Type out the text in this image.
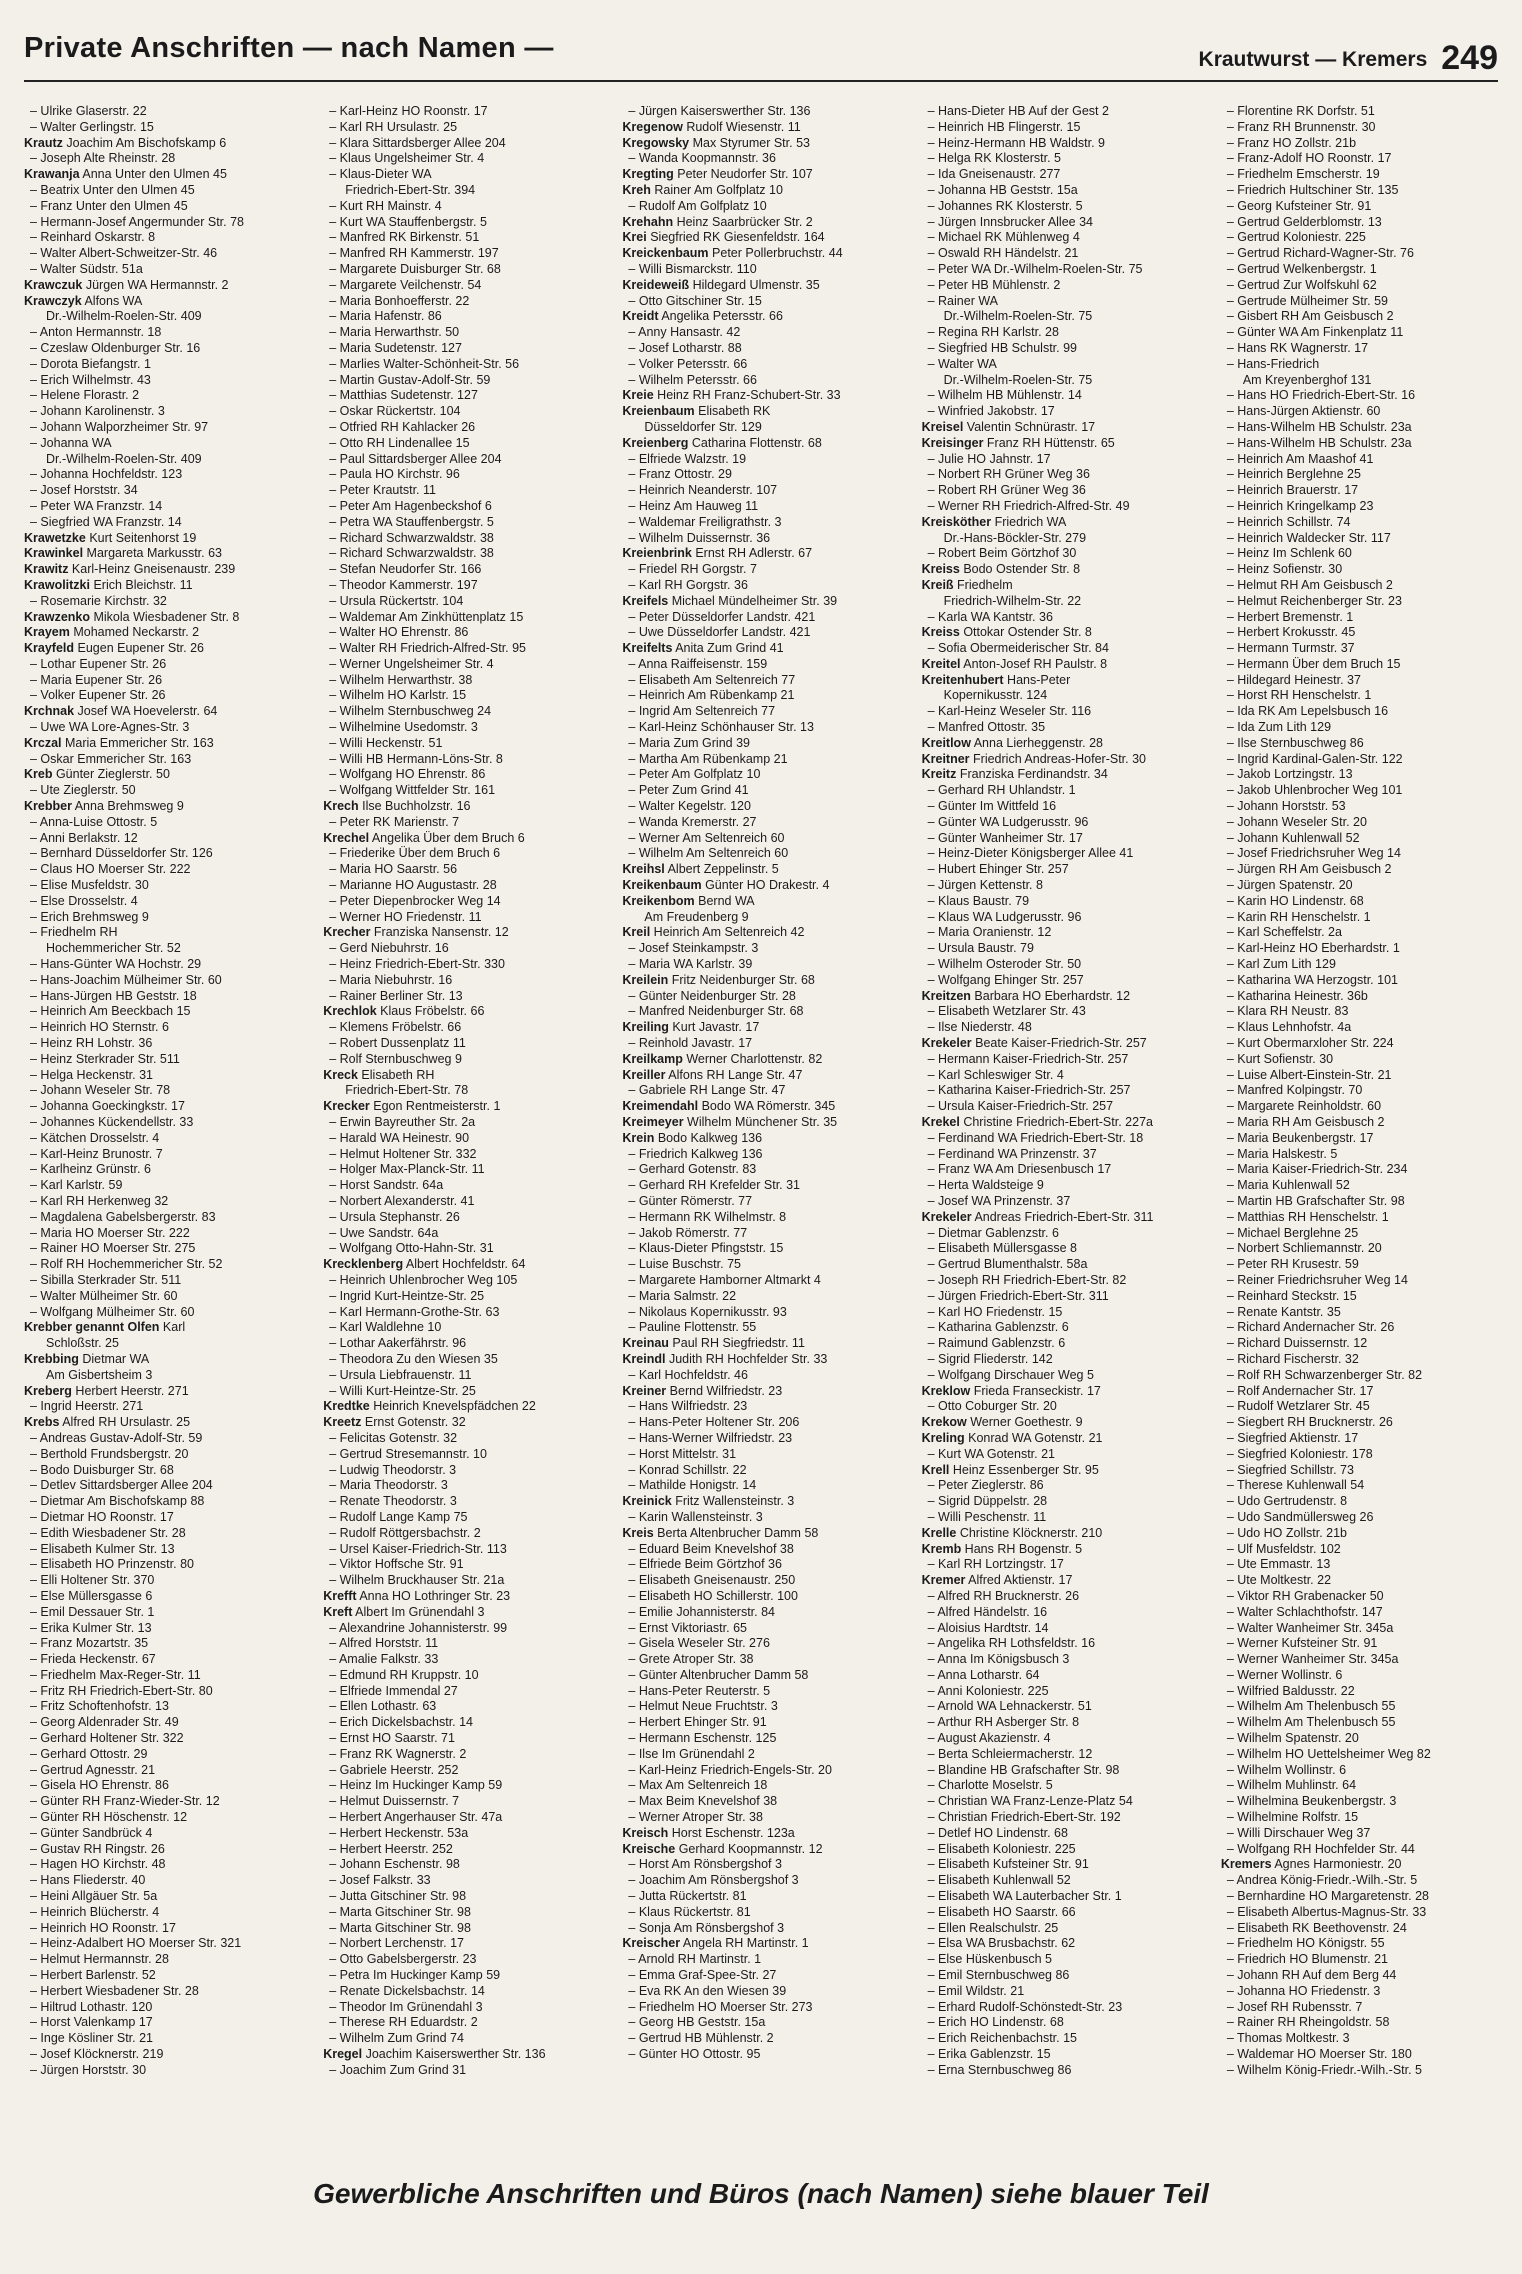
Private Anschriften — nach Namen —	Krautwurst — Kremers 249
– Ulrike Glaserstr. 22
– Walter Gerlingstr. 15
Krautz Joachim Am Bischofskamp 6
– Joseph Alte Rheinstr. 28
Krawanja Anna Unter den Ulmen 45
– Beatrix Unter den Ulmen 45
– Franz Unter den Ulmen 45
– Hermann-Josef Angermunder Str. 78
– Reinhard Oskarstr. 8
– Walter Albert-Schweitzer-Str. 46
– Walter Südstr. 51a
Krawczuk Jürgen WA Hermannstr. 2
Krawczyk Alfons WA
Dr.-Wilhelm-Roelen-Str. 409
– Anton Hermannstr. 18
– Czeslaw Oldenburger Str. 16
– Dorota Biefangstr. 1
– Erich Wilhelmstr. 43
– Helene Florastr. 2
– Johann Karolinenstr. 3
– Johann Walporzheimer Str. 97
– Johanna WA
Dr.-Wilhelm-Roelen-Str. 409
– Johanna Hochfeldstr. 123
– Josef Horststr. 34
– Peter WA Franzstr. 14
– Siegfried WA Franzstr. 14
Krawetzke Kurt Seitenhorst 19
Krawinkel Margareta Markusstr. 63
Krawitz Karl-Heinz Gneisenaustr. 239
Krawolitzki Erich Bleichstr. 11
– Rosemarie Kirchstr. 32
Krawzenko Mikola Wiesbadener Str. 8
Krayem Mohamed Neckarstr. 2
Krayfeld Eugen Eupener Str. 26
– Lothar Eupener Str. 26
– Maria Eupener Str. 26
– Volker Eupener Str. 26
Krchnak Josef WA Hoevelerstr. 64
– Uwe WA Lore-Agnes-Str. 3
Krczal Maria Emmericher Str. 163
– Oskar Emmericher Str. 163
Kreb Günter Zieglerstr. 50
– Ute Zieglerstr. 50
Krebber Anna Brehmsweg 9
– Anna-Luise Ottostr. 5
– Anni Berlakstr. 12
– Bernhard Düsseldorfer Str. 126
– Claus HO Moerser Str. 222
– Elise Musfeldstr. 30
– Else Drosselstr. 4
– Erich Brehmsweg 9
– Friedhelm RH
Hochemmericher Str. 52
– Hans-Günter WA Hochstr. 29
– Hans-Joachim Mülheimer Str. 60
– Hans-Jürgen HB Geststr. 18
– Heinrich Am Beeckbach 15
– Heinrich HO Sternstr. 6
– Heinz RH Lohstr. 36
– Heinz Sterkrader Str. 511
– Helga Heckenstr. 31
– Johann Weseler Str. 78
– Johanna Goeckingkstr. 17
– Johannes Kückendellstr. 33
– Kätchen Drosselstr. 4
– Karl-Heinz Brunostr. 7
– Karlheinz Grünstr. 6
– Karl Karlstr. 59
– Karl RH Herkenweg 32
– Magdalena Gabelsbergerstr. 83
– Maria HO Moerser Str. 222
– Rainer HO Moerser Str. 275
– Rolf RH Hochemmericher Str. 52
– Sibilla Sterkrader Str. 511
– Walter Mülheimer Str. 60
– Wolfgang Mülheimer Str. 60
Krebber genannt Olfen Karl
Schloßstr. 25
Krebbing Dietmar WA
Am Gisbertsheim 3
Kreberg Herbert Heerstr. 271
– Ingrid Heerstr. 271
Krebs Alfred RH Ursulastr. 25
– Andreas Gustav-Adolf-Str. 59
– Berthold Frundsbergstr. 20
– Bodo Duisburger Str. 68
– Detlev Sittardsberger Allee 204
– Dietmar Am Bischofskamp 88
– Dietmar HO Roonstr. 17
– Edith Wiesbadener Str. 28
– Elisabeth Kulmer Str. 13
– Elisabeth HO Prinzenstr. 80
– Elli Holtener Str. 370
– Else Müllersgasse 6
– Emil Dessauer Str. 1
– Erika Kulmer Str. 13
– Franz Mozartstr. 35
– Frieda Heckenstr. 67
– Friedhelm Max-Reger-Str. 11
– Fritz RH Friedrich-Ebert-Str. 80
– Fritz Schoftenhofstr. 13
– Georg Aldenrader Str. 49
– Gerhard Holtener Str. 322
– Gerhard Ottostr. 29
– Gertrud Agnesstr. 21
– Gisela HO Ehrenstr. 86
– Günter RH Franz-Wieder-Str. 12
– Günter RH Höschenstr. 12
– Günter Sandbrück 4
– Gustav RH Ringstr. 26
– Hagen HO Kirchstr. 48
– Hans Fliederstr. 40
– Heini Allgäuer Str. 5a
– Heinrich Blücherstr. 4
– Heinrich HO Roonstr. 17
– Heinz-Adalbert HO Moerser Str. 321
– Helmut Hermannstr. 28
– Herbert Barlenstr. 52
– Herbert Wiesbadener Str. 28
– Hiltrud Lothastr. 120
– Horst Valenkamp 17
– Inge Kösliner Str. 21
– Josef Klöcknerstr. 219
– Jürgen Horststr. 30
– Karl-Heinz HO Roonstr. 17
– Karl RH Ursulastr. 25
– Klara Sittardsberger Allee 204
– Klaus Ungelsheimer Str. 4
– Klaus-Dieter WA
Friedrich-Ebert-Str. 394
– Kurt RH Mainstr. 4
– Kurt WA Stauffenbergstr. 5
– Manfred RK Birkenstr. 51
– Manfred RH Kammerstr. 197
– Margarete Duisburger Str. 68
– Margarete Veilchenstr. 54
– Maria Bonhoefferstr. 22
– Maria Hafenstr. 86
– Maria Herwarthstr. 50
– Maria Sudetenstr. 127
– Marlies Walter-Schönheit-Str. 56
– Martin Gustav-Adolf-Str. 59
– Matthias Sudetenstr. 127
– Oskar Rückertstr. 104
– Otfried RH Kahlacker 26
– Otto RH Lindenallee 15
– Paul Sittardsberger Allee 204
– Paula HO Kirchstr. 96
– Peter Krautstr. 11
– Peter Am Hagenbeckshof 6
– Petra WA Stauffenbergstr. 5
– Richard Schwarzwaldstr. 38
– Richard Schwarzwaldstr. 38
– Stefan Neudorfer Str. 166
– Theodor Kammerstr. 197
– Ursula Rückertstr. 104
– Waldemar Am Zinkhüttenplatz 15
– Walter HO Ehrenstr. 86
– Walter RH Friedrich-Alfred-Str. 95
– Werner Ungelsheimer Str. 4
– Wilhelm Herwarthstr. 38
– Wilhelm HO Karlstr. 15
– Wilhelm Sternbuschweg 24
– Wilhelmine Usedomstr. 3
– Willi Heckenstr. 51
– Willi HB Hermann-Löns-Str. 8
– Wolfgang HO Ehrenstr. 86
– Wolfgang Wittfelder Str. 161
Krech Ilse Buchholzstr. 16
– Peter RK Marienstr. 7
Krechel Angelika Über dem Bruch 6
– Friederike Über dem Bruch 6
– Maria HO Saarstr. 56
– Marianne HO Augustastr. 28
– Peter Diepenbrocker Weg 14
– Werner HO Friedenstr. 11
Krecher Franziska Nansenstr. 12
– Gerd Niebuhrstr. 16
– Heinz Friedrich-Ebert-Str. 330
– Maria Niebuhrstr. 16
– Rainer Berliner Str. 13
Krechlok Klaus Fröbelstr. 66
– Klemens Fröbelstr. 66
– Robert Dussenplatz 11
– Rolf Sternbuschweg 9
Kreck Elisabeth RH
Friedrich-Ebert-Str. 78
Krecker Egon Rentmeisterstr. 1
– Erwin Bayreuther Str. 2a
– Harald WA Heinestr. 90
– Helmut Holtener Str. 332
– Holger Max-Planck-Str. 11
– Horst Sandstr. 64a
– Norbert Alexanderstr. 41
– Ursula Stephanstr. 26
– Uwe Sandstr. 64a
– Wolfgang Otto-Hahn-Str. 31
Krecklenberg Albert Hochfeldstr. 64
– Heinrich Uhlenbrocher Weg 105
– Ingrid Kurt-Heintze-Str. 25
– Karl Hermann-Grothe-Str. 63
– Karl Waldlehne 10
– Lothar Aakerfährstr. 96
– Theodora Zu den Wiesen 35
– Ursula Liebfrauenstr. 11
– Willi Kurt-Heintze-Str. 25
Kredtke Heinrich Knevelspfädchen 22
Kreetz Ernst Gotenstr. 32
– Felicitas Gotenstr. 32
– Gertrud Stresemannstr. 10
– Ludwig Theodorstr. 3
– Maria Theodorstr. 3
– Renate Theodorstr. 3
– Rudolf Lange Kamp 75
– Rudolf Röttgersbachstr. 2
– Ursel Kaiser-Friedrich-Str. 113
– Viktor Hoffsche Str. 91
– Wilhelm Bruckhauser Str. 21a
Krefft Anna HO Lothringer Str. 23
Kreft Albert Im Grünendahl 3
– Alexandrine Johannisterstr. 99
– Alfred Horststr. 11
– Amalie Falkstr. 33
– Edmund RH Kruppstr. 10
– Elfriede Immendal 27
– Ellen Lothastr. 63
– Erich Dickelsbachstr. 14
– Ernst HO Saarstr. 71
– Franz RK Wagnerstr. 2
– Gabriele Heerstr. 252
– Heinz Im Huckinger Kamp 59
– Helmut Duissernstr. 7
– Herbert Angerhauser Str. 47a
– Herbert Heckenstr. 53a
– Herbert Heerstr. 252
– Johann Eschenstr. 98
– Josef Falkstr. 33
– Jutta Gitschiner Str. 98
– Marta Gitschiner Str. 98
– Marta Gitschiner Str. 98
– Norbert Lerchenstr. 17
– Otto Gabelsbergerstr. 23
– Petra Im Huckinger Kamp 59
– Renate Dickelsbachstr. 14
– Theodor Im Grünendahl 3
– Therese RH Eduardstr. 2
– Wilhelm Zum Grind 74
Kregel Joachim Kaiserswerther Str. 136
– Joachim Zum Grind 31
– Jürgen Kaiserswerther Str. 136
Kregenow Rudolf Wiesenstr. 11
Kregowsky Max Styrumer Str. 53
– Wanda Koopmannstr. 36
Kregting Peter Neudorfer Str. 107
Kreh Rainer Am Golfplatz 10
– Rudolf Am Golfplatz 10
Krehahn Heinz Saarbrücker Str. 2
Krei Siegfried RK Giesenfeldstr. 164
Kreickenbaum Peter Pollerbruchstr. 44
– Willi Bismarckstr. 110
Kreideweiß Hildegard Ulmenstr. 35
– Otto Gitschiner Str. 15
Kreidt Angelika Petersstr. 66
– Anny Hansastr. 42
– Josef Lotharstr. 88
– Volker Petersstr. 66
– Wilhelm Petersstr. 66
Kreie Heinz RH Franz-Schubert-Str. 33
Kreienbaum Elisabeth RK
Düsseldorfer Str. 129
Kreienberg Catharina Flottenstr. 68
– Elfriede Walzstr. 19
– Franz Ottostr. 29
– Heinrich Neanderstr. 107
– Heinz Am Hauweg 11
– Waldemar Freiligrathstr. 3
– Wilhelm Duissernstr. 36
Kreienbrink Ernst RH Adlerstr. 67
– Friedel RH Gorgstr. 7
– Karl RH Gorgstr. 36
Kreifels Michael Mündelheimer Str. 39
– Peter Düsseldorfer Landstr. 421
– Uwe Düsseldorfer Landstr. 421
Kreifelts Anita Zum Grind 41
– Anna Raiffeisenstr. 159
– Elisabeth Am Seltenreich 77
– Heinrich Am Rübenkamp 21
– Ingrid Am Seltenreich 77
– Karl-Heinz Schönhauser Str. 13
– Maria Zum Grind 39
– Martha Am Rübenkamp 21
– Peter Am Golfplatz 10
– Peter Zum Grind 41
– Walter Kegelstr. 120
– Wanda Kremerstr. 27
– Werner Am Seltenreich 60
– Wilhelm Am Seltenreich 60
Kreihsl Albert Zeppelinstr. 5
Kreikenbaum Günter HO Drakestr. 4
Kreikenbom Bernd WA
Am Freudenberg 9
Kreil Heinrich Am Seltenreich 42
– Josef Steinkampstr. 3
– Maria WA Karlstr. 39
Kreilein Fritz Neidenburger Str. 68
– Günter Neidenburger Str. 28
– Manfred Neidenburger Str. 68
Kreiling Kurt Javastr. 17
– Reinhold Javastr. 17
Kreilkamp Werner Charlottenstr. 82
Kreiller Alfons RH Lange Str. 47
– Gabriele RH Lange Str. 47
Kreimendahl Bodo WA Römerstr. 345
Kreimeyer Wilhelm Münchener Str. 35
Krein Bodo Kalkweg 136
– Friedrich Kalkweg 136
– Gerhard Gotenstr. 83
– Gerhard RH Krefelder Str. 31
– Günter Römerstr. 77
– Hermann RK Wilhelmstr. 8
– Jakob Römerstr. 77
– Klaus-Dieter Pfingststr. 15
– Luise Buschstr. 75
– Margarete Hamborner Altmarkt 4
– Maria Salmstr. 22
– Nikolaus Kopernikusstr. 93
– Pauline Flottenstr. 55
Kreinau Paul RH Siegfriedstr. 11
Kreindl Judith RH Hochfelder Str. 33
– Karl Hochfeldstr. 46
Kreiner Bernd Wilfriedstr. 23
– Hans Wilfriedstr. 23
– Hans-Peter Holtener Str. 206
– Hans-Werner Wilfriedstr. 23
– Horst Mittelstr. 31
– Konrad Schillstr. 22
– Mathilde Honigstr. 14
Kreinick Fritz Wallensteinstr. 3
– Karin Wallensteinstr. 3
Kreis Berta Altenbrucher Damm 58
– Eduard Beim Knevelshof 38
– Elfriede Beim Görtzhof 36
– Elisabeth Gneisenaustr. 250
– Elisabeth HO Schillerstr. 100
– Emilie Johannisterstr. 84
– Ernst Viktoriastr. 65
– Gisela Weseler Str. 276
– Grete Atroper Str. 38
– Günter Altenbrucher Damm 58
– Hans-Peter Reuterstr. 5
– Helmut Neue Fruchtstr. 3
– Herbert Ehinger Str. 91
– Hermann Eschenstr. 125
– Ilse Im Grünendahl 2
– Karl-Heinz Friedrich-Engels-Str. 20
– Max Am Seltenreich 18
– Max Beim Knevelshof 38
– Werner Atroper Str. 38
Kreisch Horst Eschenstr. 123a
Kreische Gerhard Koopmannstr. 12
– Horst Am Rönsbergshof 3
– Joachim Am Rönsbergshof 3
– Jutta Rückertstr. 81
– Klaus Rückertstr. 81
– Sonja Am Rönsbergshof 3
Kreischer Angela RH Martinstr. 1
– Arnold RH Martinstr. 1
– Emma Graf-Spee-Str. 27
– Eva RK An den Wiesen 39
– Friedhelm HO Moerser Str. 273
– Georg HB Geststr. 15a
– Gertrud HB Mühlenstr. 2
– Günter HO Ottostr. 95
– Hans-Dieter HB Auf der Gest 2
– Heinrich HB Flingerstr. 15
– Heinz-Hermann HB Waldstr. 9
– Helga RK Klosterstr. 5
– Ida Gneisenaustr. 277
– Johanna HB Geststr. 15a
– Johannes RK Klosterstr. 5
– Jürgen Innsbrucker Allee 34
– Michael RK Mühlenweg 4
– Oswald RH Händelstr. 21
– Peter WA Dr.-Wilhelm-Roelen-Str. 75
– Peter HB Mühlenstr. 2
– Rainer WA
Dr.-Wilhelm-Roelen-Str. 75
– Regina RH Karlstr. 28
– Siegfried HB Schulstr. 99
– Walter WA
Dr.-Wilhelm-Roelen-Str. 75
– Wilhelm HB Mühlenstr. 14
– Winfried Jakobstr. 17
Kreisel Valentin Schnürastr. 17
Kreisinger Franz RH Hüttenstr. 65
– Julie HO Jahnstr. 17
– Norbert RH Grüner Weg 36
– Robert RH Grüner Weg 36
– Werner RH Friedrich-Alfred-Str. 49
Kreisköther Friedrich WA
Dr.-Hans-Böckler-Str. 279
– Robert Beim Görtzhof 30
Kreiss Bodo Ostender Str. 8
Kreiß Friedhelm
Friedrich-Wilhelm-Str. 22
– Karla WA Kantstr. 36
Kreiss Ottokar Ostender Str. 8
– Sofia Obermeiderischer Str. 84
Kreitel Anton-Josef RH Paulstr. 8
Kreitenhubert Hans-Peter
Kopernikusstr. 124
– Karl-Heinz Weseler Str. 116
– Manfred Ottostr. 35
Kreitlow Anna Lierheggenstr. 28
Kreitner Friedrich Andreas-Hofer-Str. 30
Kreitz Franziska Ferdinandstr. 34
– Gerhard RH Uhlandstr. 1
– Günter Im Wittfeld 16
– Günter WA Ludgerusstr. 96
– Günter Wanheimer Str. 17
– Heinz-Dieter Königsberger Allee 41
– Hubert Ehinger Str. 257
– Jürgen Kettenstr. 8
– Klaus Baustr. 79
– Klaus WA Ludgerusstr. 96
– Maria Oranienstr. 12
– Ursula Baustr. 79
– Wilhelm Osteroder Str. 50
– Wolfgang Ehinger Str. 257
Kreitzen Barbara HO Eberhardstr. 12
– Elisabeth Wetzlarer Str. 43
– Ilse Niederstr. 48
Krekeler Beate Kaiser-Friedrich-Str. 257
– Hermann Kaiser-Friedrich-Str. 257
– Karl Schleswiger Str. 4
– Katharina Kaiser-Friedrich-Str. 257
– Ursula Kaiser-Friedrich-Str. 257
Krekel Christine Friedrich-Ebert-Str. 227a
– Ferdinand WA Friedrich-Ebert-Str. 18
– Ferdinand WA Prinzenstr. 37
– Franz WA Am Driesenbusch 17
– Herta Waldsteige 9
– Josef WA Prinzenstr. 37
Krekeler Andreas Friedrich-Ebert-Str. 311
– Dietmar Gablenzstr. 6
– Elisabeth Müllersgasse 8
– Gertrud Blumenthalstr. 58a
– Joseph RH Friedrich-Ebert-Str. 82
– Jürgen Friedrich-Ebert-Str. 311
– Karl HO Friedenstr. 15
– Katharina Gablenzstr. 6
– Raimund Gablenzstr. 6
– Sigrid Fliederstr. 142
– Wolfgang Dirschauer Weg 5
Kreklow Frieda Franseckistr. 17
– Otto Coburger Str. 20
Krekow Werner Goethestr. 9
Kreling Konrad WA Gotenstr. 21
– Kurt WA Gotenstr. 21
Krell Heinz Essenberger Str. 95
– Peter Zieglerstr. 86
– Sigrid Düppelstr. 28
– Willi Peschenstr. 11
Krelle Christine Klöcknerstr. 210
Kremb Hans RH Bogenstr. 5
– Karl RH Lortzingstr. 17
Kremer Alfred Aktienstr. 17
– Alfred RH Brucknerstr. 26
– Alfred Händelstr. 16
– Aloisius Hardtstr. 14
– Angelika RH Lothsfeldstr. 16
– Anna Im Königsbusch 3
– Anna Lotharstr. 64
– Anni Koloniestr. 225
– Arnold WA Lehnackerstr. 51
– Arthur RH Asberger Str. 8
– August Akazienstr. 4
– Berta Schleiermacherstr. 12
– Blandine HB Grafschafter Str. 98
– Charlotte Moselstr. 5
– Christian WA Franz-Lenze-Platz 54
– Christian Friedrich-Ebert-Str. 192
– Detlef HO Lindenstr. 68
– Elisabeth Koloniestr. 225
– Elisabeth Kufsteiner Str. 91
– Elisabeth Kuhlenwall 52
– Elisabeth WA Lauterbacher Str. 1
– Elisabeth HO Saarstr. 66
– Ellen Realschulstr. 25
– Elsa WA Brusbachstr. 62
– Else Hüskenbusch 5
– Emil Sternbuschweg 86
– Emil Wildstr. 21
– Erhard Rudolf-Schönstedt-Str. 23
– Erich HO Lindenstr. 68
– Erich Reichenbachstr. 15
– Erika Gablenzstr. 15
– Erna Sternbuschweg 86
– Florentine RK Dorfstr. 51
– Franz RH Brunnenstr. 30
– Franz HO Zollstr. 21b
– Franz-Adolf HO Roonstr. 17
– Friedhelm Emscherstr. 19
– Friedrich Hultschiner Str. 135
– Georg Kufsteiner Str. 91
– Gertrud Gelderblomstr. 13
– Gertrud Koloniestr. 225
– Gertrud Richard-Wagner-Str. 76
– Gertrud Welkenbergstr. 1
– Gertrud Zur Wolfskuhl 62
– Gertrude Mülheimer Str. 59
– Gisbert RH Am Geisbusch 2
– Günter WA Am Finkenplatz 11
– Hans RK Wagnerstr. 17
– Hans-Friedrich
Am Kreyenberghof 131
– Hans HO Friedrich-Ebert-Str. 16
– Hans-Jürgen Aktienstr. 60
– Hans-Wilhelm HB Schulstr. 23a
– Hans-Wilhelm HB Schulstr. 23a
– Heinrich Am Maashof 41
– Heinrich Berglehne 25
– Heinrich Brauerstr. 17
– Heinrich Kringelkamp 23
– Heinrich Schillstr. 74
– Heinrich Waldecker Str. 117
– Heinz Im Schlenk 60
– Heinz Sofienstr. 30
– Helmut RH Am Geisbusch 2
– Helmut Reichenberger Str. 23
– Herbert Bremenstr. 1
– Herbert Krokusstr. 45
– Hermann Turmstr. 37
– Hermann Über dem Bruch 15
– Hildegard Heinestr. 37
– Horst RH Henschelstr. 1
– Ida RK Am Lepelsbusch 16
– Ida Zum Lith 129
– Ilse Sternbuschweg 86
– Ingrid Kardinal-Galen-Str. 122
– Jakob Lortzingstr. 13
– Jakob Uhlenbrocher Weg 101
– Johann Horststr. 53
– Johann Weseler Str. 20
– Johann Kuhlenwall 52
– Josef Friedrichsruher Weg 14
– Jürgen RH Am Geisbusch 2
– Jürgen Spatenstr. 20
– Karin HO Lindenstr. 68
– Karin RH Henschelstr. 1
– Karl Scheffelstr. 2a
– Karl-Heinz HO Eberhardstr. 1
– Karl Zum Lith 129
– Katharina WA Herzogstr. 101
– Katharina Heinestr. 36b
– Klara RH Neustr. 83
– Klaus Lehnhofstr. 4a
– Kurt Obermarxloher Str. 224
– Kurt Sofienstr. 30
– Luise Albert-Einstein-Str. 21
– Manfred Kolpingstr. 70
– Margarete Reinholdstr. 60
– Maria RH Am Geisbusch 2
– Maria Beukenbergstr. 17
– Maria Halskestr. 5
– Maria Kaiser-Friedrich-Str. 234
– Maria Kuhlenwall 52
– Martin HB Grafschafter Str. 98
– Matthias RH Henschelstr. 1
– Michael Berglehne 25
– Norbert Schliemannstr. 20
– Peter RH Krusestr. 59
– Reiner Friedrichsruher Weg 14
– Reinhard Steckstr. 15
– Renate Kantstr. 35
– Richard Andernacher Str. 26
– Richard Duissernstr. 12
– Richard Fischerstr. 32
– Rolf RH Schwarzenberger Str. 82
– Rolf Andernacher Str. 17
– Rudolf Wetzlarer Str. 45
– Siegbert RH Brucknerstr. 26
– Siegfried Aktienstr. 17
– Siegfried Koloniestr. 178
– Siegfried Schillstr. 73
– Therese Kuhlenwall 54
– Udo Gertrudenstr. 8
– Udo Sandmüllersweg 26
– Udo HO Zollstr. 21b
– Ulf Musfeldstr. 102
– Ute Emmastr. 13
– Ute Moltkestr. 22
– Viktor RH Grabenacker 50
– Walter Schlachthofstr. 147
– Walter Wanheimer Str. 345a
– Werner Kufsteiner Str. 91
– Werner Wanheimer Str. 345a
– Werner Wollinstr. 6
– Wilfried Baldusstr. 22
– Wilhelm Am Thelenbusch 55
– Wilhelm Am Thelenbusch 55
– Wilhelm Spatenstr. 20
– Wilhelm HO Uettelsheimer Weg 82
– Wilhelm Wollinstr. 6
– Wilhelm Muhlinstr. 64
– Wilhelmina Beukenbergstr. 3
– Wilhelmine Rolfstr. 15
– Willi Dirschauer Weg 37
– Wolfgang RH Hochfelder Str. 44
Kremers Agnes Harmoniestr. 20
– Andrea König-Friedr.-Wilh.-Str. 5
– Bernhardine HO Margaretenstr. 28
– Elisabeth Albertus-Magnus-Str. 33
– Elisabeth RK Beethovenstr. 24
– Friedhelm HO Königstr. 55
– Friedrich HO Blumenstr. 21
– Johann RH Auf dem Berg 44
– Johanna HO Friedenstr. 3
– Josef RH Rubensstr. 7
– Rainer RH Rheingoldstr. 58
– Thomas Moltkestr. 3
– Waldemar HO Moerser Str. 180
– Wilhelm König-Friedr.-Wilh.-Str. 5
Gewerbliche Anschriften und Büros (nach Namen) siehe blauer Teil
